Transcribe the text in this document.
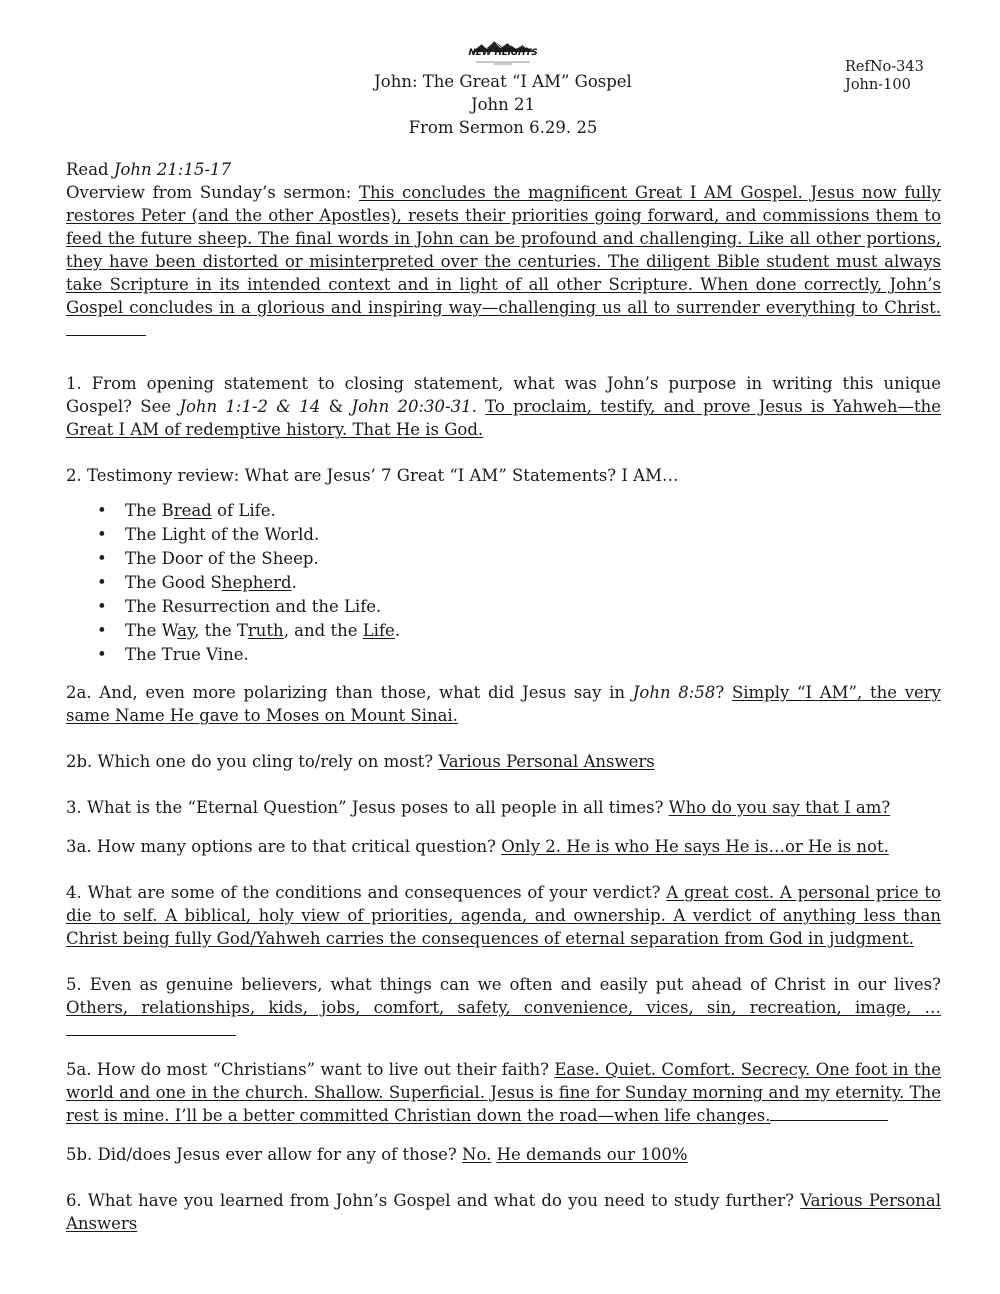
NEW HEIGHTS
John: The Great “I AM” Gospel
John 21
From Sermon 6.29. 25
RefNo-343
John-100

Read John 21:15-17

Overview from Sunday’s sermon: This concludes the magnificent Great I AM Gospel. Jesus now fully restores Peter (and the other Apostles), resets their priorities going forward, and commissions them to feed the future sheep. The final words in John can be profound and challenging. Like all other portions, they have been distorted or misinterpreted over the centuries. The diligent Bible student must always take Scripture in its intended context and in light of all other Scripture. When done correctly, John’s Gospel concludes in a glorious and inspiring way—challenging us all to surrender everything to Christ.

1. From opening statement to closing statement, what was John’s purpose in writing this unique Gospel? See John 1:1-2 & 14 & John 20:30-31. To proclaim, testify, and prove Jesus is Yahweh—the Great I AM of redemptive history. That He is God.

2. Testimony review: What are Jesus’ 7 Great “I AM” Statements? I AM…

• The Bread of Life.
• The Light of the World.
• The Door of the Sheep.
• The Good Shepherd.
• The Resurrection and the Life.
• The Way, the Truth, and the Life.
• The True Vine.

2a. And, even more polarizing than those, what did Jesus say in John 8:58? Simply “I AM”, the very same Name He gave to Moses on Mount Sinai.

2b. Which one do you cling to/rely on most? Various Personal Answers

3. What is the “Eternal Question” Jesus poses to all people in all times? Who do you say that I am?

3a. How many options are to that critical question? Only 2. He is who He says He is…or He is not.

4. What are some of the conditions and consequences of your verdict? A great cost. A personal price to die to self. A biblical, holy view of priorities, agenda, and ownership. A verdict of anything less than Christ being fully God/Yahweh carries the consequences of eternal separation from God in judgment.

5. Even as genuine believers, what things can we often and easily put ahead of Christ in our lives? Others, relationships, kids, jobs, comfort, safety, convenience, vices, sin, recreation, image, …

5a. How do most “Christians” want to live out their faith? Ease. Quiet. Comfort. Secrecy. One foot in the world and one in the church. Shallow. Superficial. Jesus is fine for Sunday morning and my eternity. The rest is mine. I’ll be a better committed Christian down the road—when life changes.

5b. Did/does Jesus ever allow for any of those? No. He demands our 100%

6. What have you learned from John’s Gospel and what do you need to study further? Various Personal Answers
